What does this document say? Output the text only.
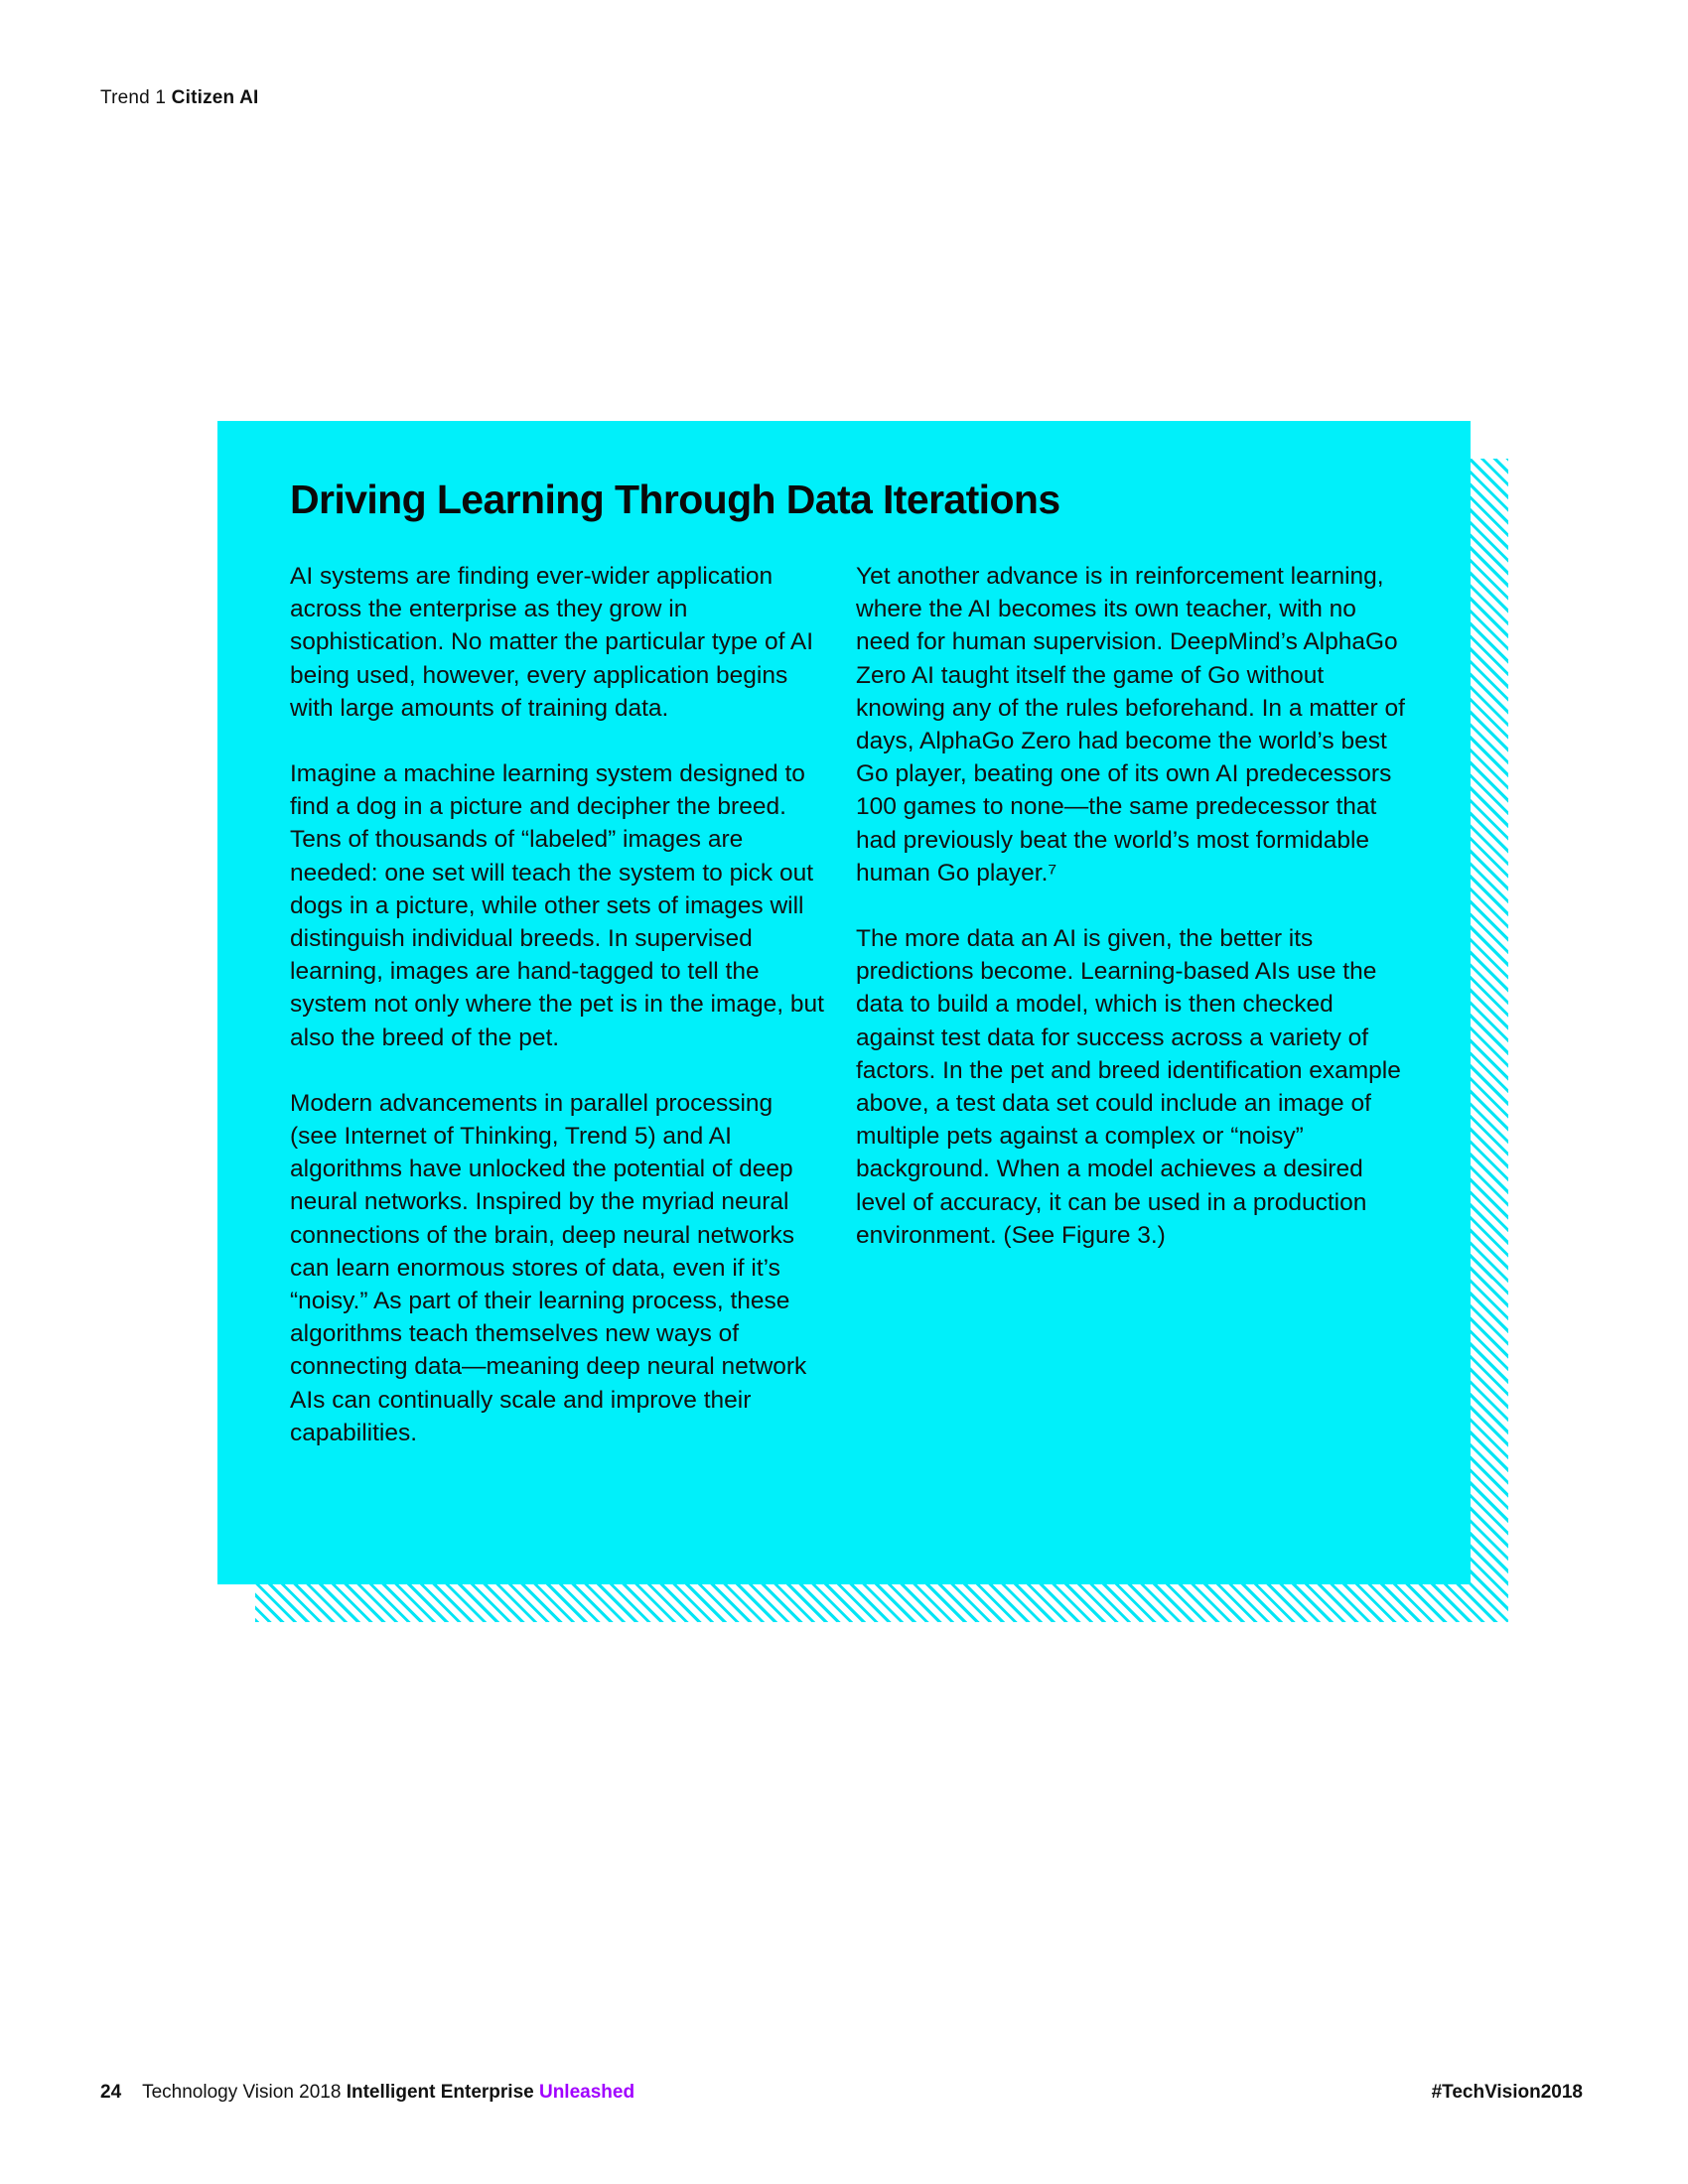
Trend 1 Citizen AI
Driving Learning Through Data Iterations

AI systems are finding ever-wider application across the enterprise as they grow in sophistication. No matter the particular type of AI being used, however, every application begins with large amounts of training data.

Imagine a machine learning system designed to find a dog in a picture and decipher the breed. Tens of thousands of “labeled” images are needed: one set will teach the system to pick out dogs in a picture, while other sets of images will distinguish individual breeds. In supervised learning, images are hand-tagged to tell the system not only where the pet is in the image, but also the breed of the pet.

Modern advancements in parallel processing (see Internet of Thinking, Trend 5) and AI algorithms have unlocked the potential of deep neural networks. Inspired by the myriad neural connections of the brain, deep neural networks can learn enormous stores of data, even if it’s “noisy.” As part of their learning process, these algorithms teach themselves new ways of connecting data—meaning deep neural network AIs can continually scale and improve their capabilities.

Yet another advance is in reinforcement learning, where the AI becomes its own teacher, with no need for human supervision. DeepMind’s AlphaGo Zero AI taught itself the game of Go without knowing any of the rules beforehand. In a matter of days, AlphaGo Zero had become the world’s best Go player, beating one of its own AI predecessors 100 games to none—the same predecessor that had previously beat the world’s most formidable human Go player.⁷

The more data an AI is given, the better its predictions become. Learning-based AIs use the data to build a model, which is then checked against test data for success across a variety of factors. In the pet and breed identification example above, a test data set could include an image of multiple pets against a complex or “noisy” background. When a model achieves a desired level of accuracy, it can be used in a production environment. (See Figure 3.)

24 Technology Vision 2018 Intelligent Enterprise Unleashed	#TechVision2018
